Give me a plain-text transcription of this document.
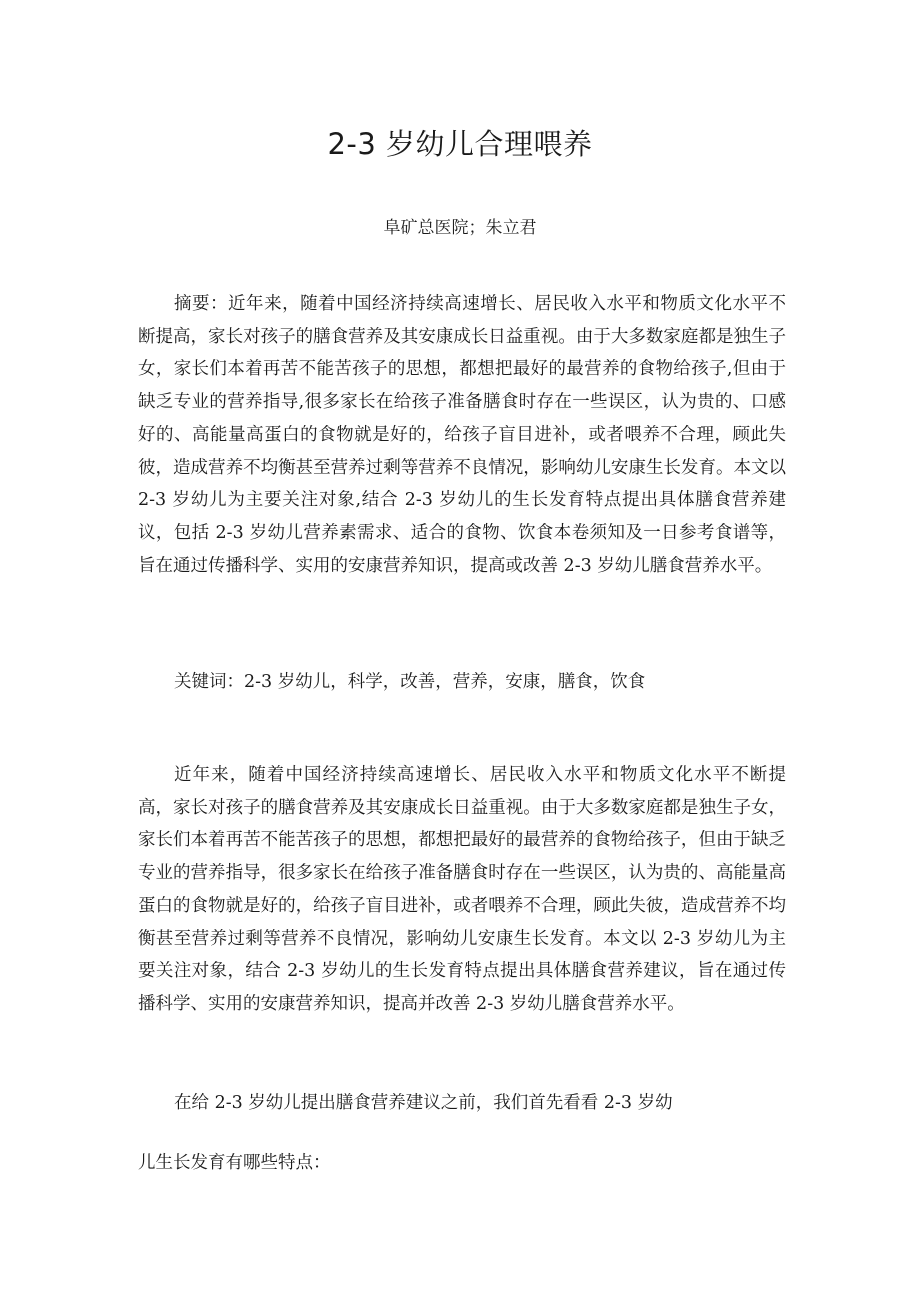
2-3 岁幼儿合理喂养
阜矿总医院；朱立君

摘要：近年来，随着中国经济持续高速增长、居民收入水平和物质文化水平不断提高，家长对孩子的膳食营养及其安康成长日益重视。由于大多数家庭都是独生子女，家长们本着再苦不能苦孩子的思想，都想把最好的最营养的食物给孩子,但由于缺乏专业的营养指导,很多家长在给孩子准备膳食时存在一些误区，认为贵的、口感好的、高能量高蛋白的食物就是好的，给孩子盲目进补，或者喂养不合理，顾此失彼，造成营养不均衡甚至营养过剩等营养不良情况，影响幼儿安康生长发育。本文以 2-3 岁幼儿为主要关注对象,结合 2-3 岁幼儿的生长发育特点提出具体膳食营养建议，包括 2-3 岁幼儿营养素需求、适合的食物、饮食本卷须知及一日参考食谱等，旨在通过传播科学、实用的安康营养知识，提高或改善 2-3 岁幼儿膳食营养水平。

关键词：2-3 岁幼儿，科学，改善，营养，安康，膳食，饮食

近年来，随着中国经济持续高速增长、居民收入水平和物质文化水平不断提高，家长对孩子的膳食营养及其安康成长日益重视。由于大多数家庭都是独生子女，家长们本着再苦不能苦孩子的思想，都想把最好的最营养的食物给孩子，但由于缺乏专业的营养指导，很多家长在给孩子准备膳食时存在一些误区，认为贵的、高能量高蛋白的食物就是好的，给孩子盲目进补，或者喂养不合理，顾此失彼，造成营养不均衡甚至营养过剩等营养不良情况，影响幼儿安康生长发育。本文以 2-3 岁幼儿为主要关注对象，结合 2-3 岁幼儿的生长发育特点提出具体膳食营养建议，旨在通过传播科学、实用的安康营养知识，提高并改善 2-3 岁幼儿膳食营养水平。

在给 2-3 岁幼儿提出膳食营养建议之前，我们首先看看 2-3 岁幼

儿生长发育有哪些特点：
